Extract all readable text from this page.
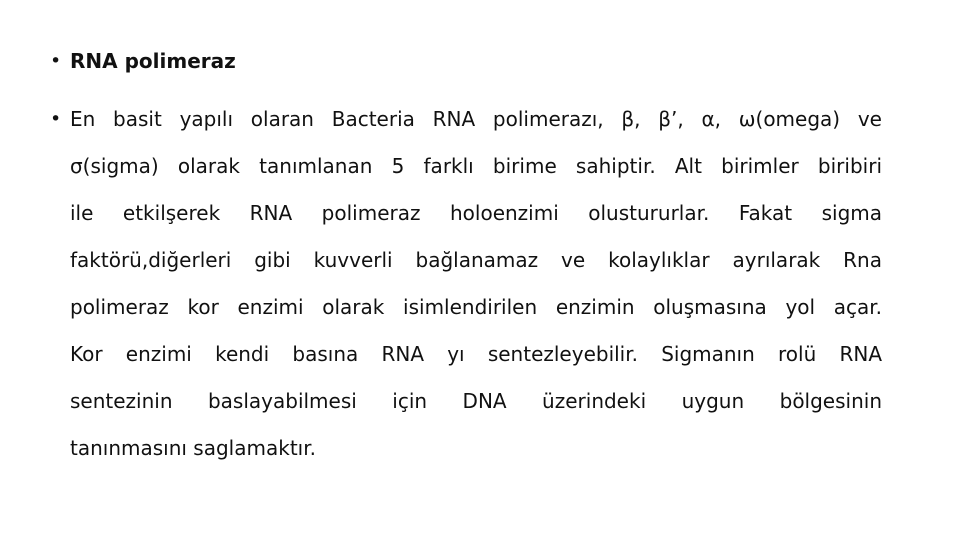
• RNA polimeraz
• En basit yapılı olaran Bacteria RNA polimerazı, β, β’, α, ω(omega) ve
σ(sigma) olarak tanımlanan 5 farklı birime sahiptir. Alt birimler biribiri
ile etkilşerek RNA polimeraz holoenzimi olustururlar. Fakat sigma
faktörü,diğerleri gibi kuvverli bağlanamaz ve kolaylıklar ayrılarak Rna
polimeraz kor enzimi olarak isimlendirilen enzimin oluşmasına yol açar.
Kor enzimi kendi basına RNA yı sentezleyebilir. Sigmanın rolü RNA
sentezinin baslayabilmesi için DNA üzerindeki uygun bölgesinin
tanınmasını saglamaktır.
